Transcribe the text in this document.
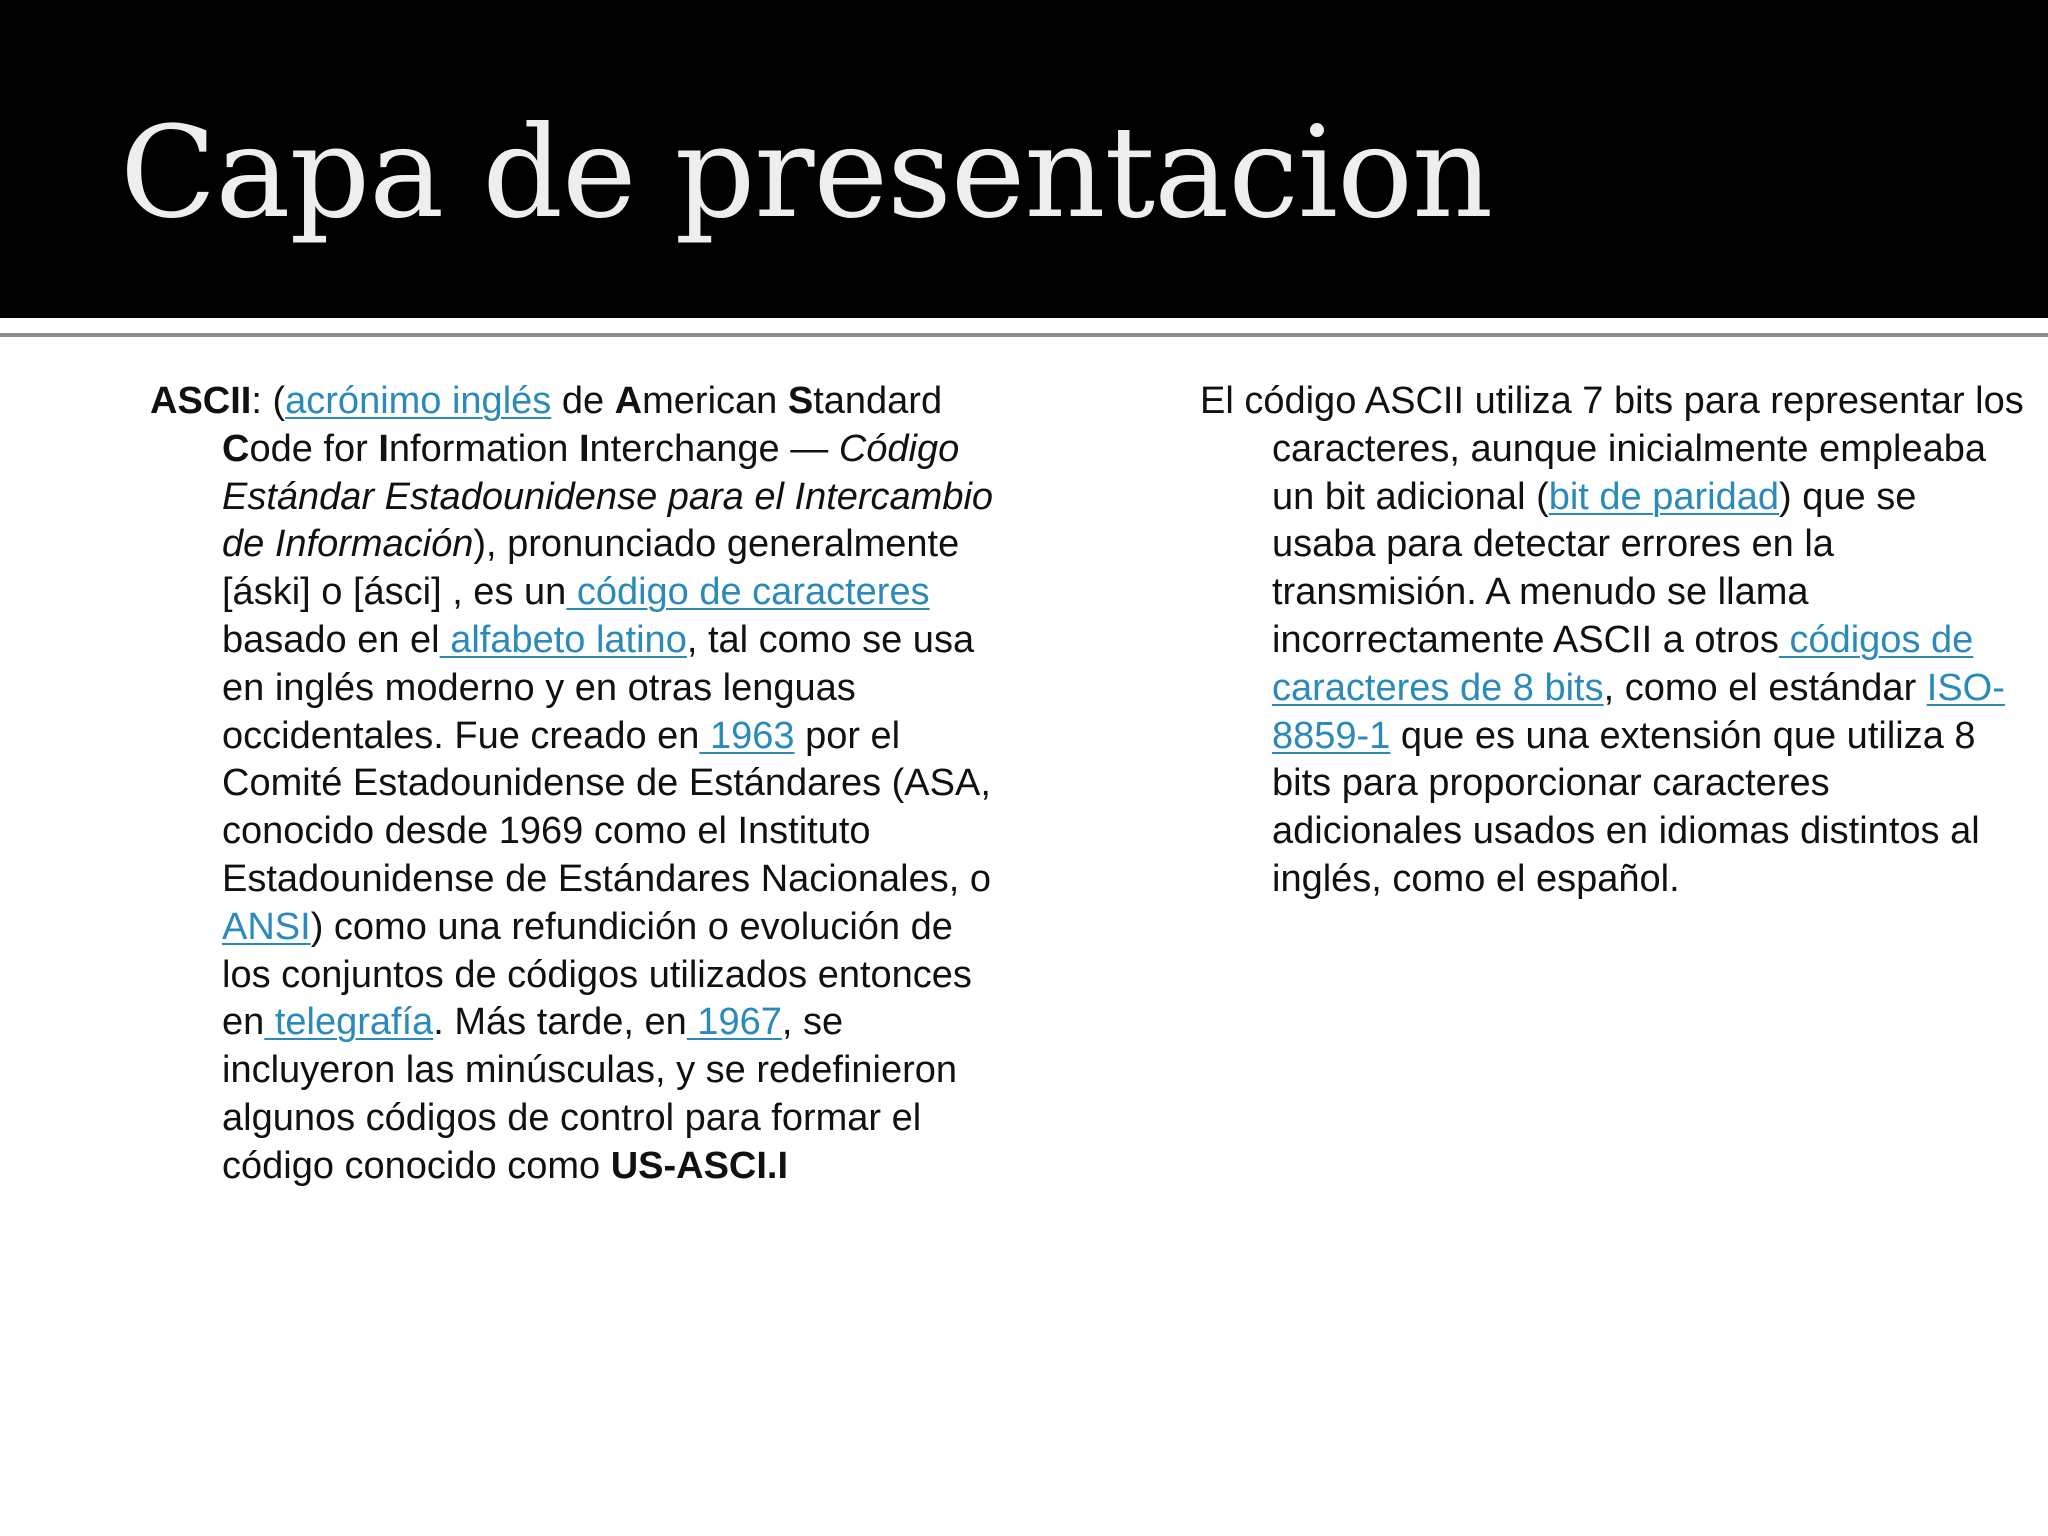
Capa de presentacion

ASCII: (acrónimo inglés de American Standard Code for Information Interchange — Código Estándar Estadounidense para el Intercambio de Información), pronunciado generalmente [áski] o [ásci] , es un código de caracteres basado en el alfabeto latino, tal como se usa en inglés moderno y en otras lenguas occidentales. Fue creado en 1963 por el Comité Estadounidense de Estándares (ASA, conocido desde 1969 como el Instituto Estadounidense de Estándares Nacionales, o ANSI) como una refundición o evolución de los conjuntos de códigos utilizados entonces en telegrafía. Más tarde, en 1967, se incluyeron las minúsculas, y se redefinieron algunos códigos de control para formar el código conocido como US-ASCI.I

El código ASCII utiliza 7 bits para representar los caracteres, aunque inicialmente empleaba un bit adicional (bit de paridad) que se usaba para detectar errores en la transmisión. A menudo se llama incorrectamente ASCII a otros códigos de caracteres de 8 bits, como el estándar ISO-8859-1 que es una extensión que utiliza 8 bits para proporcionar caracteres adicionales usados en idiomas distintos al inglés, como el español.
